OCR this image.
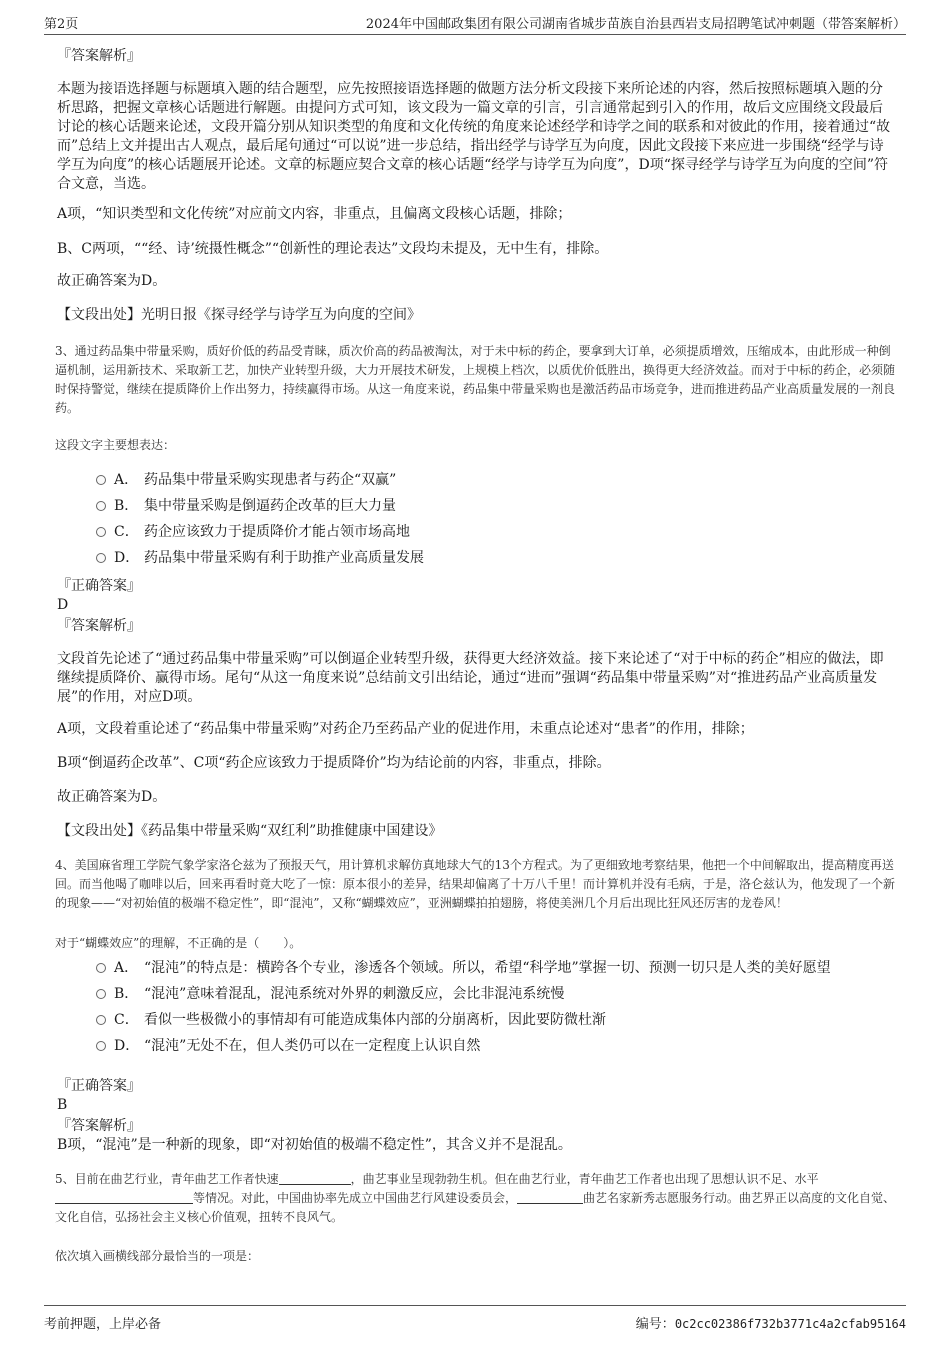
第2页	2024年中国邮政集团有限公司湖南省城步苗族自治县西岩支局招聘笔试冲刺题（带答案解析）
『答案解析』

本题为接语选择题与标题填入题的结合题型，应先按照接语选择题的做题方法分析文段接下来所论述的内容，然后按照标题填入题的分析思路，把握文章核心话题进行解题。由提问方式可知，该文段为一篇文章的引言，引言通常起到引入的作用，故后文应围绕文段最后讨论的核心话题来论述，文段开篇分别从知识类型的角度和文化传统的角度来论述经学和诗学之间的联系和对彼此的作用，接着通过“故而”总结上文并提出古人观点，最后尾句通过“可以说”进一步总结，指出经学与诗学互为向度，因此文段接下来应进一步围绕“经学与诗学互为向度”的核心话题展开论述。文章的标题应契合文章的核心话题“经学与诗学互为向度”，D项“探寻经学与诗学互为向度的空间”符合文意，当选。

A项，“知识类型和文化传统”对应前文内容，非重点，且偏离文段核心话题，排除；

B、C两项，““经、诗’统摄性概念”“创新性的理论表达”文段均未提及，无中生有，排除。

故正确答案为D。

【文段出处】光明日报《探寻经学与诗学互为向度的空间》

3、通过药品集中带量采购，质好价低的药品受青睐，质次价高的药品被淘汰，对于未中标的药企，要拿到大订单，必须提质增效，压缩成本，由此形成一种倒逼机制，运用新技术、采取新工艺，加快产业转型升级，大力开展技术研发，上规模上档次，以质优价低胜出，换得更大经济效益。而对于中标的药企，必须随时保持警觉，继续在提质降价上作出努力，持续赢得市场。从这一角度来说，药品集中带量采购也是激活药品市场竞争，进而推进药品产业高质量发展的一剂良药。

这段文字主要想表达：

A． 药品集中带量采购实现患者与药企“双赢”
B． 集中带量采购是倒逼药企改革的巨大力量
C． 药企应该致力于提质降价才能占领市场高地
D． 药品集中带量采购有利于助推产业高质量发展
『正确答案』
D
『答案解析』

文段首先论述了“通过药品集中带量采购”可以倒逼企业转型升级，获得更大经济效益。接下来论述了“对于中标的药企”相应的做法，即继续提质降价、赢得市场。尾句“从这一角度来说”总结前文引出结论，通过“进而”强调“药品集中带量采购”对“推进药品产业高质量发展”的作用，对应D项。

A项，文段着重论述了“药品集中带量采购”对药企乃至药品产业的促进作用，未重点论述对“患者”的作用，排除；

B项“倒逼药企改革”、C项“药企应该致力于提质降价”均为结论前的内容，非重点，排除。

故正确答案为D。

【文段出处】《药品集中带量采购“双红利”助推健康中国建设》

4、美国麻省理工学院气象学家洛仑兹为了预报天气，用计算机求解仿真地球大气的13个方程式。为了更细致地考察结果，他把一个中间解取出，提高精度再送回。而当他喝了咖啡以后，回来再看时竟大吃了一惊：原本很小的差异，结果却偏离了十万八千里！而计算机并没有毛病，于是，洛仑兹认为，他发现了一个新的现象——“对初始值的极端不稳定性”，即“混沌”，又称“蝴蝶效应”，亚洲蝴蝶拍拍翅膀，将使美洲几个月后出现比狂风还厉害的龙卷风！

对于“蝴蝶效应”的理解，不正确的是（　　）。

A． “混沌”的特点是：横跨各个专业，渗透各个领域。所以，希望“科学地”掌握一切、预测一切只是人类的美好愿望
B． “混沌”意味着混乱，混沌系统对外界的刺激反应，会比非混沌系统慢
C． 看似一些极微小的事情却有可能造成集体内部的分崩离析，因此要防微杜渐
D． “混沌”无处不在，但人类仍可以在一定程度上认识自然
『正确答案』
B
『答案解析』

B项，“混沌”是一种新的现象，即“对初始值的极端不稳定性”，其含义并不是混乱。

5、目前在曲艺行业，青年曲艺工作者快速	，曲艺事业呈现勃勃生机。但在曲艺行业，青年曲艺工作者也出现了思想认识不足、水平等情况。对此，中国曲协率先成立中国曲艺行风建设委员会，	曲艺名家新秀志愿服务行动。曲艺界正以高度的文化自觉、文化自信，弘扬社会主义核心价值观，扭转不良风气。

依次填入画横线部分最恰当的一项是：

考前押题，上岸必备	编号：0c2cc02386f732b3771c4a2cfab95164
